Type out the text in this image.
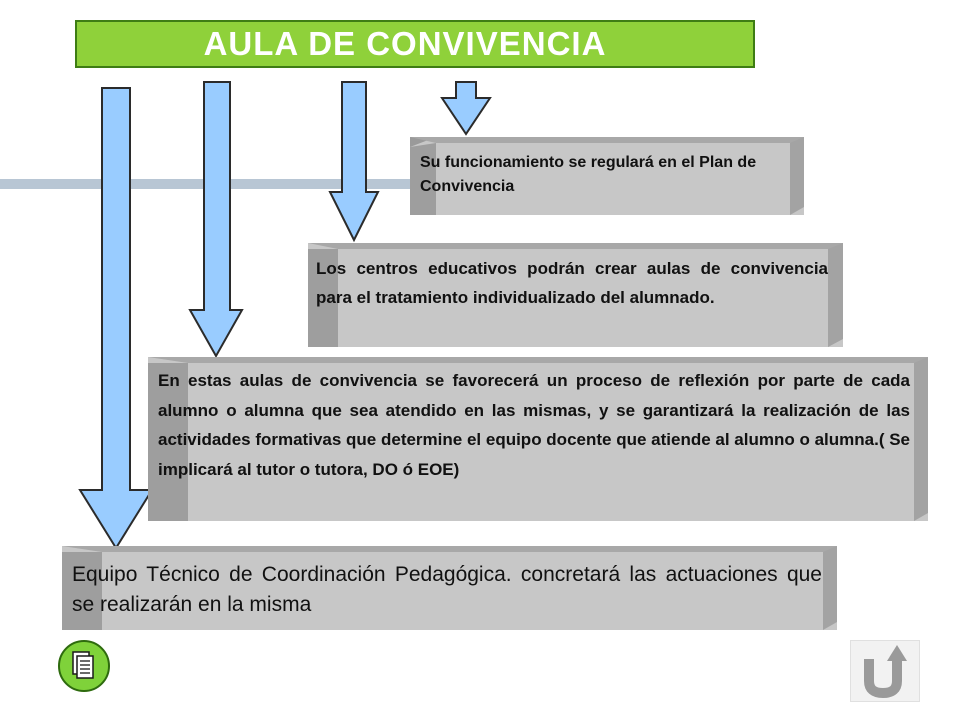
AULA DE CONVIVENCIA
Su funcionamiento se regulará en el Plan de Convivencia
Los centros educativos podrán crear aulas de convivencia para el tratamiento individualizado del alumnado.
En estas aulas de convivencia se favorecerá un proceso de reflexión por parte de cada alumno o alumna que sea atendido en las mismas, y se garantizará la realización de las actividades formativas que determine el equipo docente que atiende al alumno o alumna.( Se implicará al tutor o tutora, DO ó EOE)
Equipo Técnico de Coordinación Pedagógica. concretará las actuaciones que se realizarán en la misma
